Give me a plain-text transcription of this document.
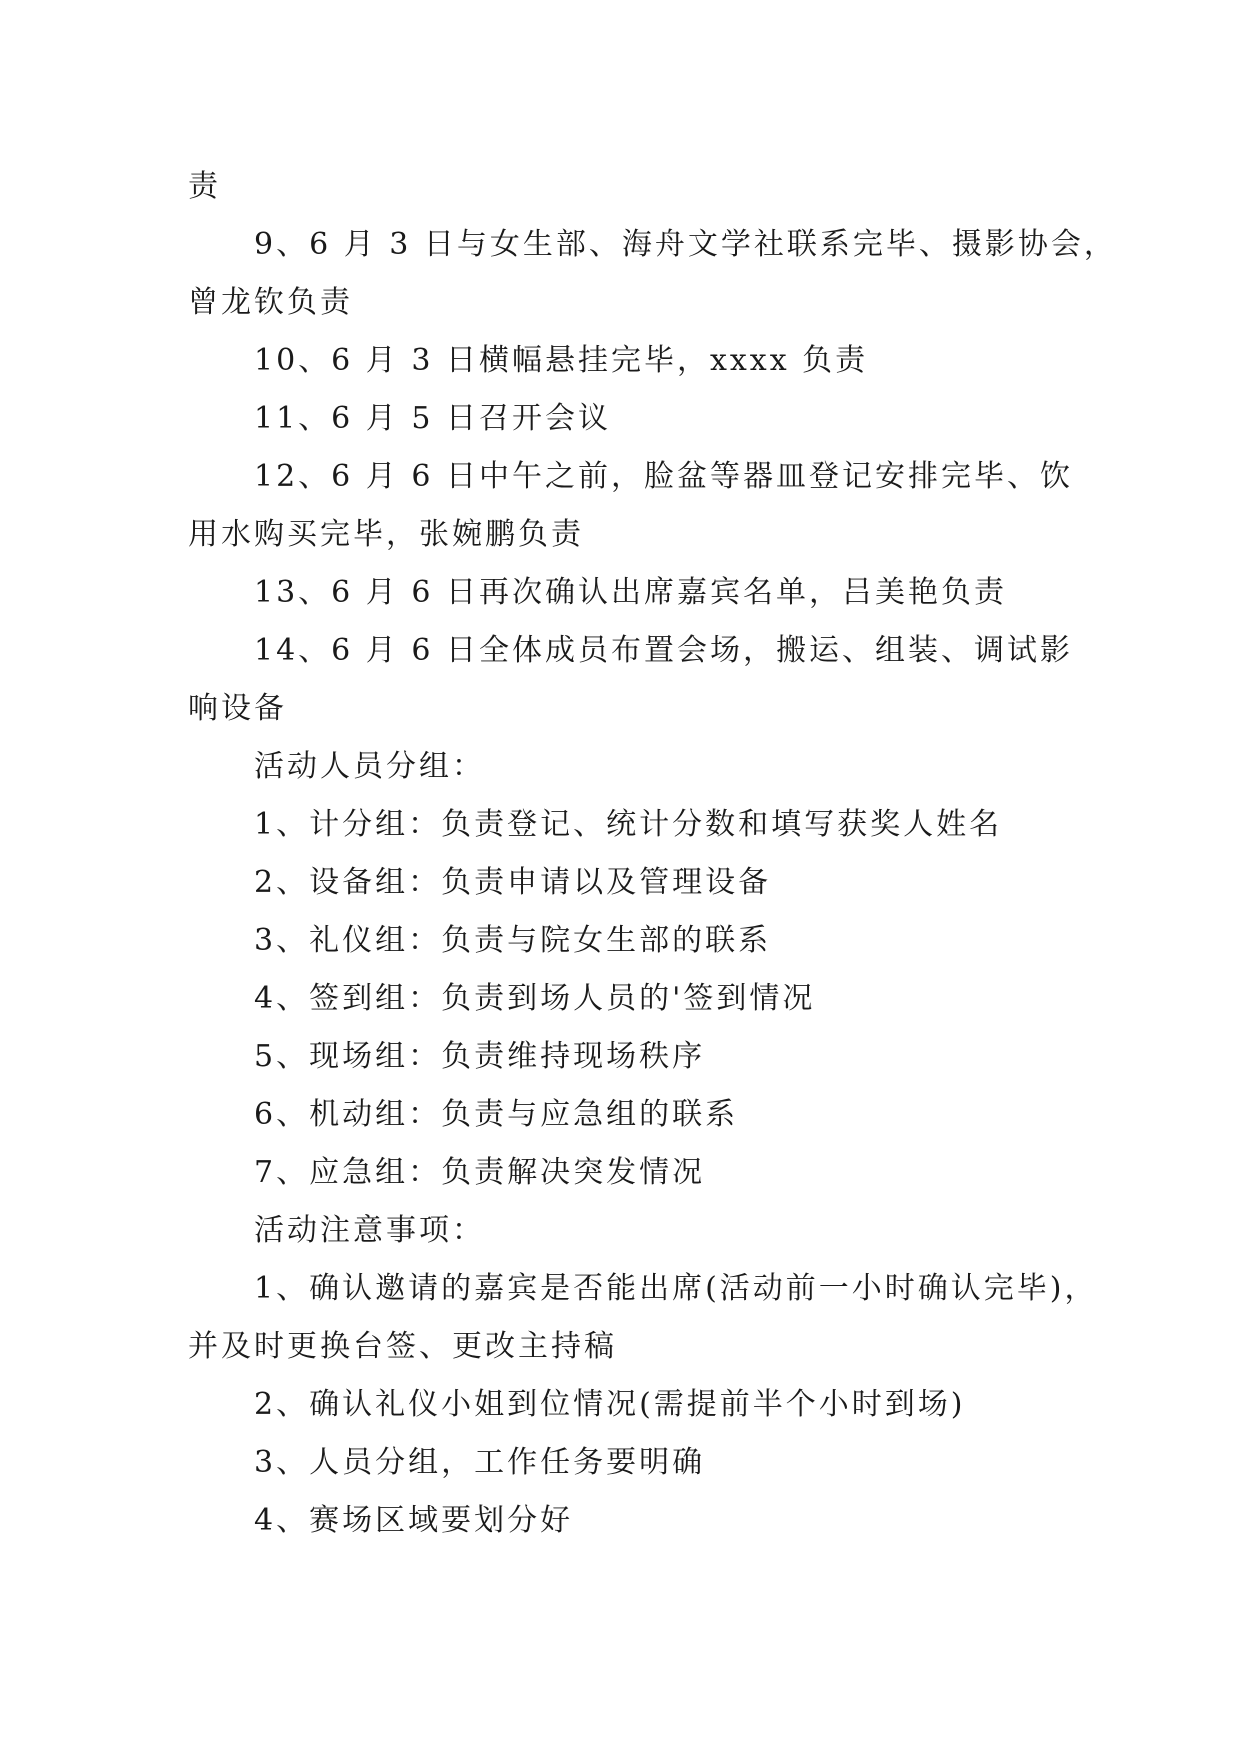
责
9、6 月 3 日与女生部、海舟文学社联系完毕、摄影协会，
曾龙钦负责
10、6 月 3 日横幅悬挂完毕，xxxx 负责
11、6 月 5 日召开会议
12、6 月 6 日中午之前，脸盆等器皿登记安排完毕、饮
用水购买完毕，张婉鹏负责
13、6 月 6 日再次确认出席嘉宾名单，吕美艳负责
14、6 月 6 日全体成员布置会场，搬运、组装、调试影
响设备
活动人员分组：
1、计分组：负责登记、统计分数和填写获奖人姓名
2、设备组：负责申请以及管理设备
3、礼仪组：负责与院女生部的联系
4、签到组：负责到场人员的'签到情况
5、现场组：负责维持现场秩序
6、机动组：负责与应急组的联系
7、应急组：负责解决突发情况
活动注意事项：
1、确认邀请的嘉宾是否能出席(活动前一小时确认完毕)，
并及时更换台签、更改主持稿
2、确认礼仪小姐到位情况(需提前半个小时到场)
3、人员分组，工作任务要明确
4、赛场区域要划分好
